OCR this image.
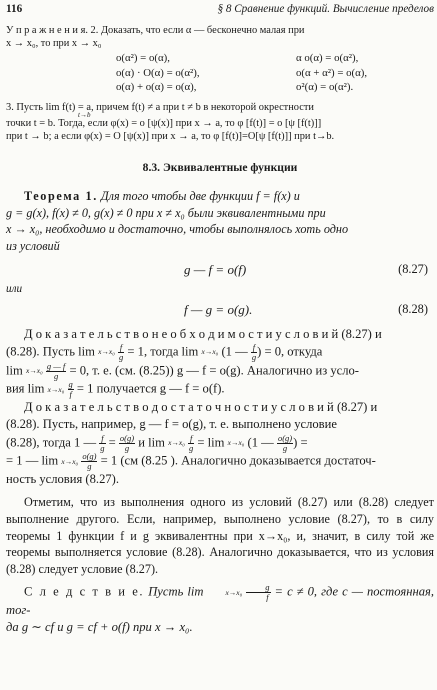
116	§ 8 Сравнение функций. Вычисление пределов
У п р а ж н е н и я. 2. Доказать, что если α — бесконечно малая при
x → x₀, то при x → x₀
o(α²) = o(α),	α o(α) = o(α²),
o(α) · O(α) = o(α²),	o(α + α²) = o(α),
o(α) + o(α) = o(α),	o²(α) = o(α²).
3. Пусть lim f(t) = a, причем f(t) ≠ a при t ≠ b в некоторой окрестности
t→b
точки t = b. Тогда, если φ(x) = o [ψ(x)] при x → a, то φ [f(t)] = o [ψ [f(t)]]
при t → b; а если φ(x) = O [ψ(x)] при x → a, то φ [f(t)]=O[ψ [f(t)]] при t→b.
8.3. Эквивалентные функции
Теорема 1. Для того чтобы две функции f = f(x) и
g = g(x), f(x) ≠ 0, g(x) ≠ 0 при x ≠ x₀ были эквивалентными при
x → x₀, необходимо и достаточно, чтобы выполнялось хоть одно
из условий
g — f = o(f)	(8.27)
или
f — g = o(g).	(8.28)
Д о к а з а т е л ь с т в о н е о б х о д и м о с т и у с л о в и й (8.27) и
(8.28). Пусть lim x→x₀
$\frac{f}{g} = 1$, тогда lim x→x₀ (1 — $\frac{f}{g}$ ) = 0, откуда
lim x→x₀
$\frac{g — f}{g} = 0$, т. е. (см. (8.25)) g — f = o(g). Аналогично из усло-
вия lim x→x₀
$\frac{g}{f} = 1$ получается g — f = o(f).
Д о к а з а т е л ь с т в о д о с т а т о ч н о с т и у с л о в и й (8.27) и
(8.28). Пусть, например, g — f = o(g), т. е. выполнено условие
(8.28), тогда 1 — $\frac{f}{g} = \frac{o(g)}{g}$ и lim x→x₀
$\frac{f}{g} = \lim x\to x_0$ (1 — $\frac{o(g)}{g}$ ) =
= 1 — lim x→x₀
$\frac{o(g)}{g} = 1$ (см (8.25 ). Аналогично доказывается достаточ-
ность условия (8.27).
Отметим, что из выполнения одного из условий (8.27) или (8.28) следует выполнение другого. Если, например, выполнено условие (8.27), то в силу теоремы 1 функции f и g эквивалентны при x→x₀, и, значит, в силу той же теоремы выполняется условие (8.28). Аналогично доказывается, что из условия (8.28) следует условие (8.27).
С л е д с т в и е. Пусть lim	x→x₀
$\frac{g}{f} = c \ne 0$, где c — постоянная, тог-
да g ∼ cf и g = cf + o(f) при x → x₀.
